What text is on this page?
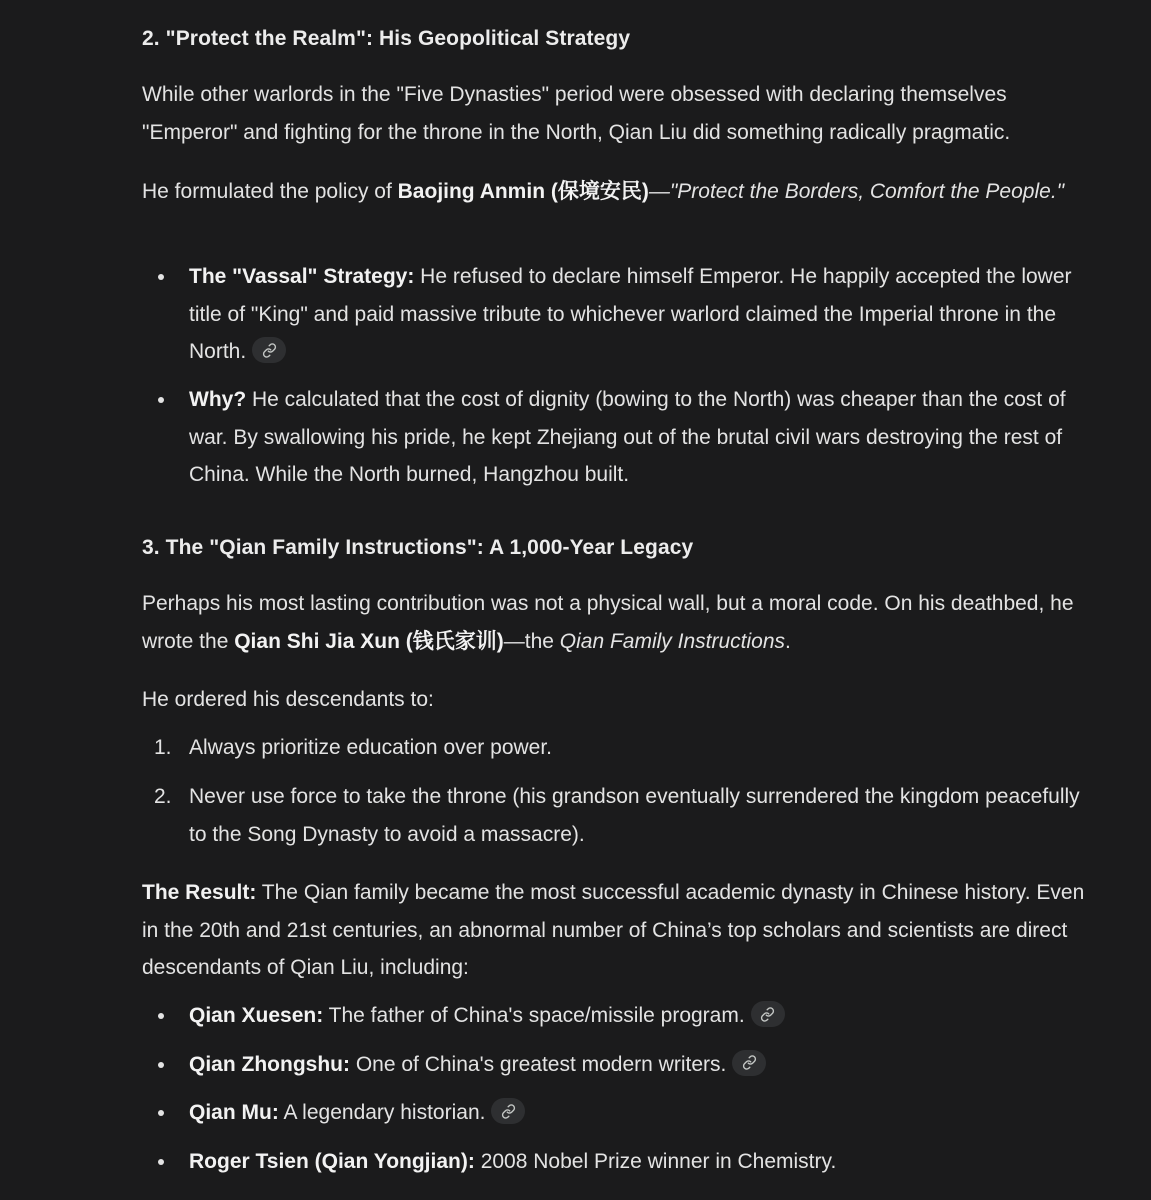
2. "Protect the Realm": His Geopolitical Strategy

While other warlords in the "Five Dynasties" period were obsessed with declaring themselves "Emperor" and fighting for the throne in the North, Qian Liu did something radically pragmatic.

He formulated the policy of Baojing Anmin (保境安民)—"Protect the Borders, Comfort the People."

The "Vassal" Strategy: He refused to declare himself Emperor. He happily accepted the lower title of "King" and paid massive tribute to whichever warlord claimed the Imperial throne in the North.
Why? He calculated that the cost of dignity (bowing to the North) was cheaper than the cost of war. By swallowing his pride, he kept Zhejiang out of the brutal civil wars destroying the rest of China. While the North burned, Hangzhou built.
3. The "Qian Family Instructions": A 1,000-Year Legacy

Perhaps his most lasting contribution was not a physical wall, but a moral code. On his deathbed, he wrote the Qian Shi Jia Xun (钱氏家训)—the Qian Family Instructions.

He ordered his descendants to:

1. Always prioritize education over power.
2. Never use force to take the throne (his grandson eventually surrendered the kingdom peacefully to the Song Dynasty to avoid a massacre).

The Result: The Qian family became the most successful academic dynasty in Chinese history. Even in the 20th and 21st centuries, an abnormal number of China’s top scholars and scientists are direct descendants of Qian Liu, including:

Qian Xuesen: The father of China's space/missile program.
Qian Zhongshu: One of China's greatest modern writers.
Qian Mu: A legendary historian.
Roger Tsien (Qian Yongjian): 2008 Nobel Prize winner in Chemistry.
